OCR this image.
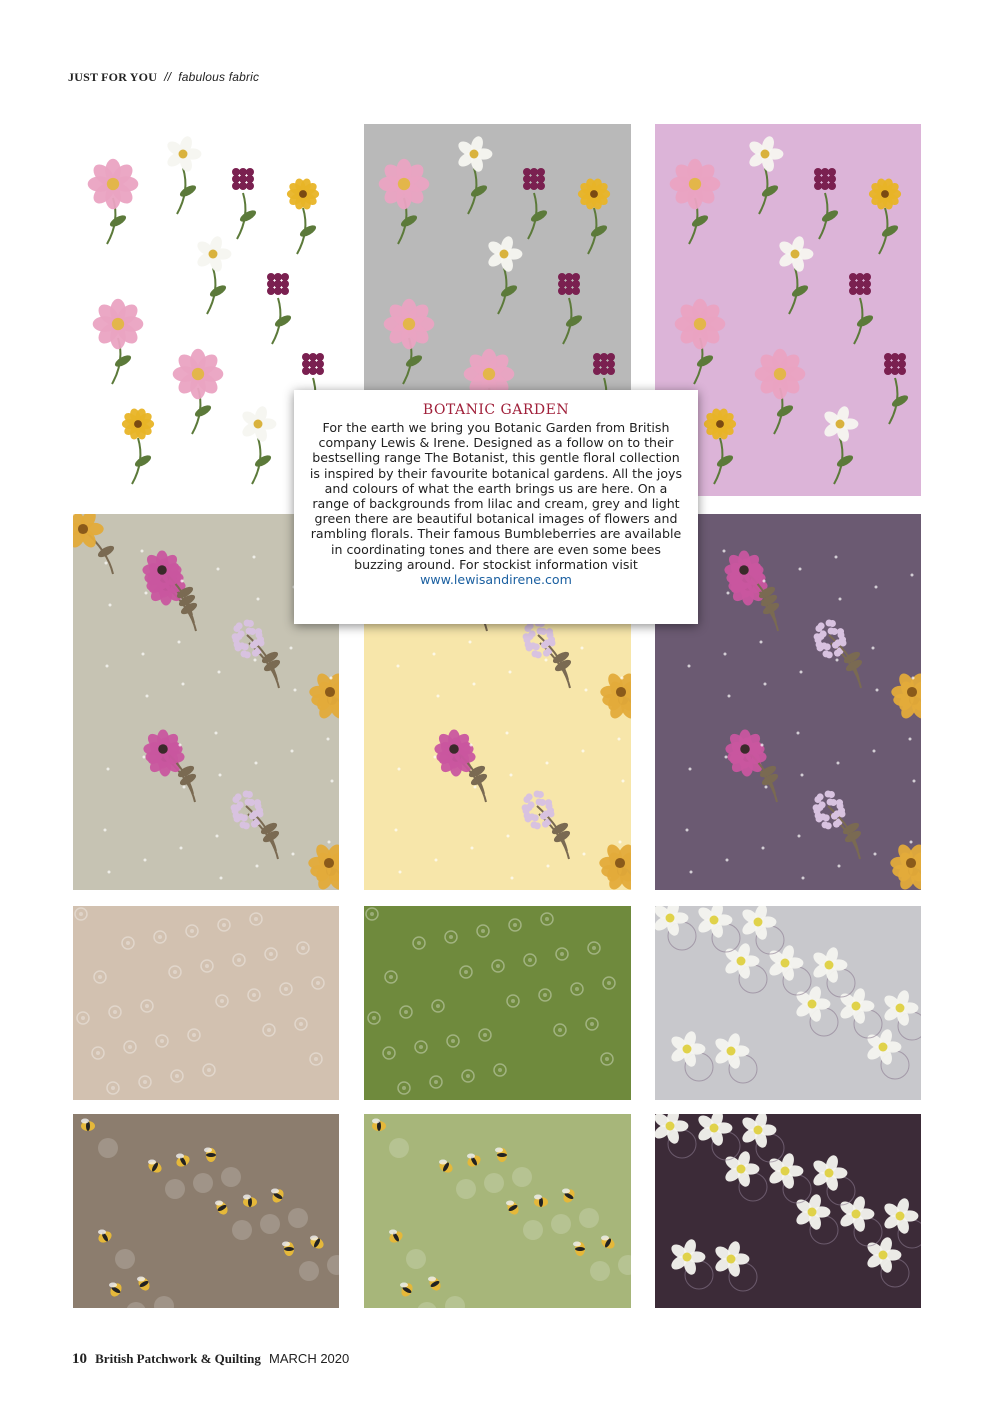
JUST FOR YOU // fabulous fabric
BOTANIC GARDEN
For the earth we bring you Botanic Garden from British company Lewis & Irene. Designed as a follow on to their bestselling range The Botanist, this gentle floral collection is inspired by their favourite botanical gardens. All the joys and colours of what the earth brings us are here. On a range of backgrounds from lilac and cream, grey and light green there are beautiful botanical images of flowers and rambling florals. Their famous Bumbleberries are available in coordinating tones and there are even some bees buzzing around. For stockist information visit www.lewisandirene.com
10 British Patchwork & Quilting MARCH 2020
